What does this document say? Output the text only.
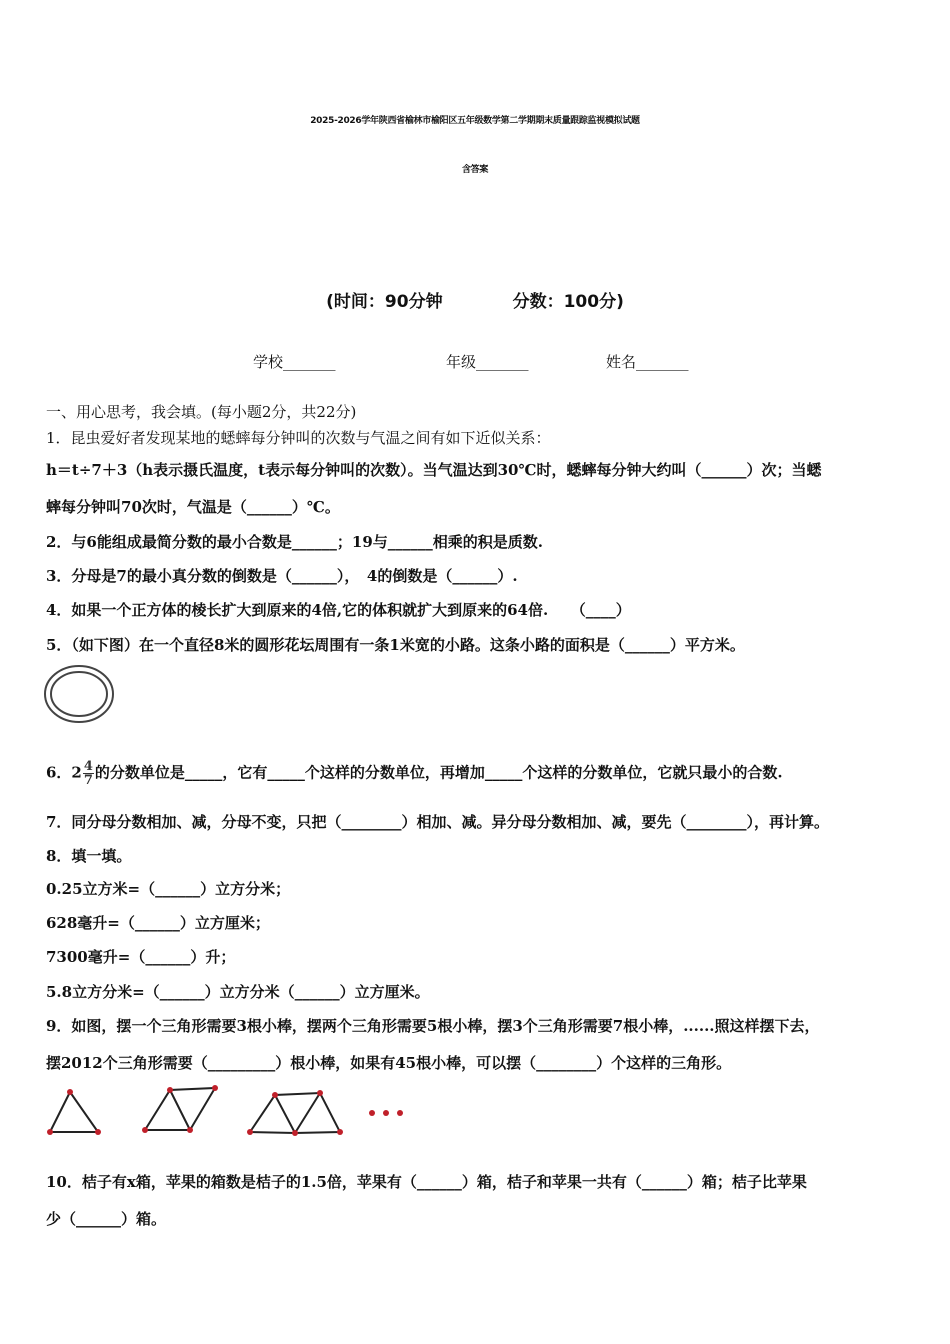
2025-2026学年陕西省榆林市榆阳区五年级数学第二学期期末质量跟踪监视模拟试题
含答案
(时间：90分钟	分数：100分)
学校_______	年级_______	姓名_______
一、用心思考，我会填。(每小题2分，共22分)
1．昆虫爱好者发现某地的蟋蟀每分钟叫的次数与气温之间有如下近似关系：
h＝t÷7＋3（h表示摄氏温度，t表示每分钟叫的次数）。当气温达到30℃时，蟋蟀每分钟大约叫（______）次；当蟋
蟀每分钟叫70次时，气温是（______）℃。
2．与6能组成最简分数的最小合数是______；19与______相乘的积是质数.
3．分母是7的最小真分数的倒数是（______），　4的倒数是（______）.
4．如果一个正方体的棱长扩大到原来的4倍,它的体积就扩大到原来的64倍.　　（____）
5．（如下图）在一个直径8米的圆形花坛周围有一条1米宽的小路。这条小路的面积是（______）平方米。
6．$2 \frac{4}{7}$ 的分数单位是_____，它有_____个这样的分数单位，再增加_____个这样的分数单位，它就只最小的合数.
7．同分母分数相加、减，分母不变，只把（________）相加、减。异分母分数相加、减，要先（________），再计算。
8．填一填。
0.25立方米=（______）立方分米；
628毫升=（______）立方厘米；
7300毫升=（______）升；
5.8立方分米=（______）立方分米（______）立方厘米。
9．如图，摆一个三角形需要3根小棒，摆两个三角形需要5根小棒，摆3个三角形需要7根小棒，......照这样摆下去，
摆2012个三角形需要（_________）根小棒，如果有45根小棒，可以摆（________）个这样的三角形。
10．桔子有x箱，苹果的箱数是桔子的1.5倍，苹果有（______）箱，桔子和苹果一共有（______）箱；桔子比苹果
少（______）箱。
